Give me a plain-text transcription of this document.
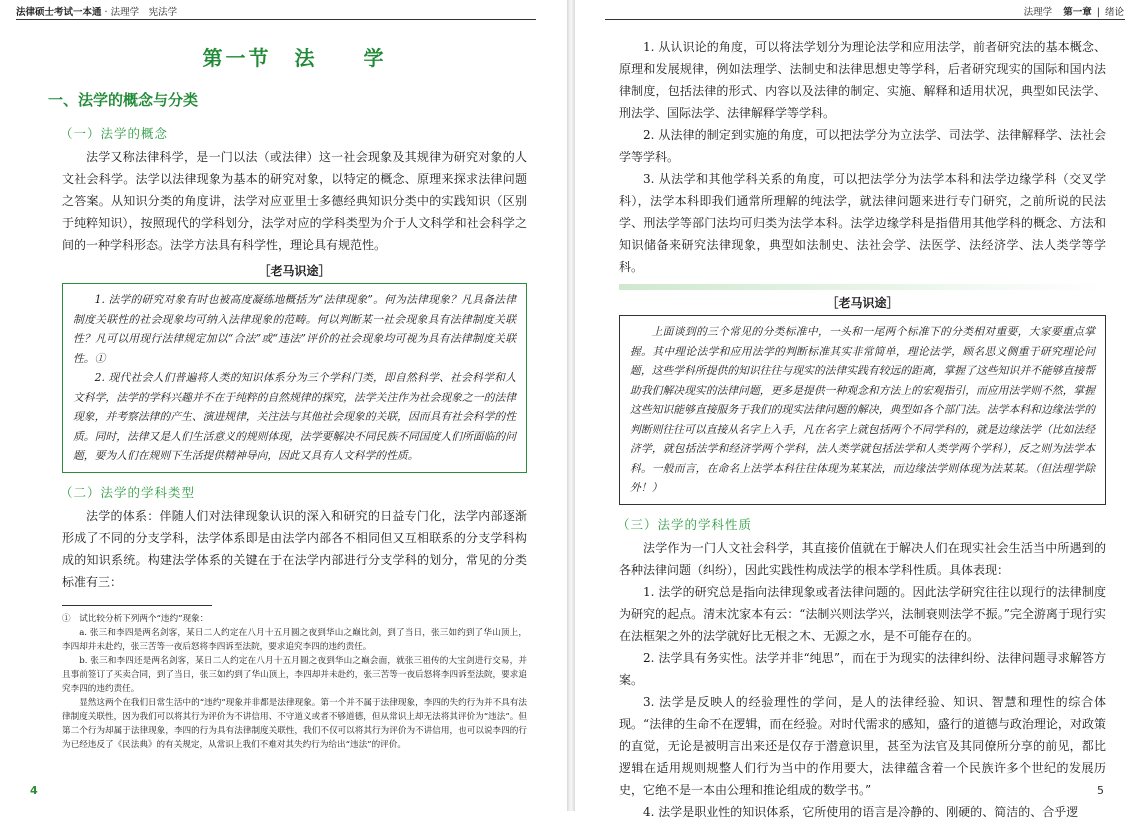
法律硕士考试一本通 · 法理学　宪法学
第一节　法　　学
一、法学的概念与分类
（一）法学的概念

法学又称法律科学，是一门以法（或法律）这一社会现象及其规律为研究对象的人文社会科学。法学以法律现象为基本的研究对象，以特定的概念、原理来探求法律问题之答案。从知识分类的角度讲，法学对应亚里士多德经典知识分类中的实践知识（区别于纯粹知识），按照现代的学科划分，法学对应的学科类型为介于人文科学和社会科学之间的一种学科形态。法学方法具有科学性，理论具有规范性。

［老马识途］

1. 法学的研究对象有时也被高度凝练地概括为“法律现象”。何为法律现象？凡具备法律制度关联性的社会现象均可纳入法律现象的范畴。何以判断某一社会现象具有法律制度关联性？凡可以用现行法律规定加以“合法”或“违法”评价的社会现象均可视为具有法律制度关联性。①

2. 现代社会人们普遍将人类的知识体系分为三个学科门类，即自然科学、社会科学和人文科学，法学的学科兴趣并不在于纯粹的自然规律的探究，法学关注作为社会现象之一的法律现象，并考察法律的产生、演进规律，关注法与其他社会现象的关联，因而具有社会科学的性质。同时，法律又是人们生活意义的规则体现，法学要解决不同民族不同国度人们所面临的问题，要为人们在规则下生活提供精神导向，因此又具有人文科学的性质。

（二）法学的学科类型

法学的体系：伴随人们对法律现象认识的深入和研究的日益专门化，法学内部逐渐形成了不同的分支学科，法学体系即是由法学内部各不相同但又互相联系的分支学科构成的知识系统。构建法学体系的关键在于在法学内部进行分支学科的划分，常见的分类标准有三：

①　试比较分析下列两个“违约”现象：

a. 张三和李四是两名剑客，某日二人约定在八月十五月圆之夜到华山之巅比剑，到了当日，张三如约到了华山顶上，李四却并未赴约，张三苦等一夜后怒将李四诉至法院，要求追究李四的违约责任。

b. 张三和李四还是两名剑客，某日二人约定在八月十五月圆之夜到华山之巅会面，就张三祖传的大宝剑进行交易，并且事前签订了买卖合同，到了当日，张三如约到了华山顶上，李四却并未赴约，张三苦等一夜后怒将李四诉至法院，要求追究李四的违约责任。

显然这两个在我们日常生活中的“违约”现象并非都是法律现象。第一个并不属于法律现象，李四的失约行为并不具有法律制度关联性，因为我们可以将其行为评价为不讲信用、不守道义或者不够道德，但从常识上却无法将其评价为“违法”。但第二个行为却属于法律现象，李四的行为具有法律制度关联性，我们不仅可以将其行为评价为不讲信用，也可以说李四的行为已经违反了《民法典》的有关规定，从常识上我们不难对其失约行为给出“违法”的评价。

4
法理学 第一章 | 绪论

1. 从认识论的角度，可以将法学划分为理论法学和应用法学，前者研究法的基本概念、原理和发展规律，例如法理学、法制史和法律思想史等学科，后者研究现实的国际和国内法律制度，包括法律的形式、内容以及法律的制定、实施、解释和适用状况，典型如民法学、刑法学、国际法学、法律解释学等学科。

2. 从法律的制定到实施的角度，可以把法学分为立法学、司法学、法律解释学、法社会学等学科。

3. 从法学和其他学科关系的角度，可以把法学分为法学本科和法学边缘学科（交叉学科），法学本科即我们通常所理解的纯法学，就法律问题来进行专门研究，之前所说的民法学、刑法学等部门法均可归类为法学本科。法学边缘学科是指借用其他学科的概念、方法和知识储备来研究法律现象，典型如法制史、法社会学、法医学、法经济学、法人类学等学科。

［老马识途］

上面谈到的三个常见的分类标准中，一头和一尾两个标准下的分类相对重要，大家要重点掌握。其中理论法学和应用法学的判断标准其实非常简单，理论法学，顾名思义侧重于研究理论问题，这些学科所提供的知识往往与现实的法律实践有较远的距离，掌握了这些知识并不能够直接帮助我们解决现实的法律问题，更多是提供一种观念和方法上的宏观指引，而应用法学则不然，掌握这些知识能够直接服务于我们的现实法律问题的解决，典型如各个部门法。法学本科和边缘法学的判断则往往可以直接从名字上入手，凡在名字上就包括两个不同学科的，就是边缘法学（比如法经济学，就包括法学和经济学两个学科，法人类学就包括法学和人类学两个学科），反之则为法学本科。一般而言，在命名上法学本科往往体现为某某法，而边缘法学则体现为法某某。（但法理学除外！）

（三）法学的学科性质

法学作为一门人文社会科学，其直接价值就在于解决人们在现实社会生活当中所遇到的各种法律问题（纠纷），因此实践性构成法学的根本学科性质。具体表现：

1. 法学的研究总是指向法律现象或者法律问题的。因此法学研究往往以现行的法律制度为研究的起点。清末沈家本有云：“法制兴则法学兴，法制衰则法学不振。”完全游离于现行实在法框架之外的法学就好比无根之木、无源之水，是不可能存在的。

2. 法学具有务实性。法学并非“纯思”，而在于为现实的法律纠纷、法律问题寻求解答方案。

3. 法学是反映人的经验理性的学问，是人的法律经验、知识、智慧和理性的综合体现。“法律的生命不在逻辑，而在经验。对时代需求的感知，盛行的道德与政治理论，对政策的直觉，无论是被明言出来还是仅存于潜意识里，甚至为法官及其同僚所分享的前见，都比逻辑在适用规则规整人们行为当中的作用要大，法律蕴含着一个民族许多个世纪的发展历史，它绝不是一本由公理和推论组成的数学书。”

4. 法学是职业性的知识体系，它所使用的语言是冷静的、刚硬的、简洁的、合乎逻

5
